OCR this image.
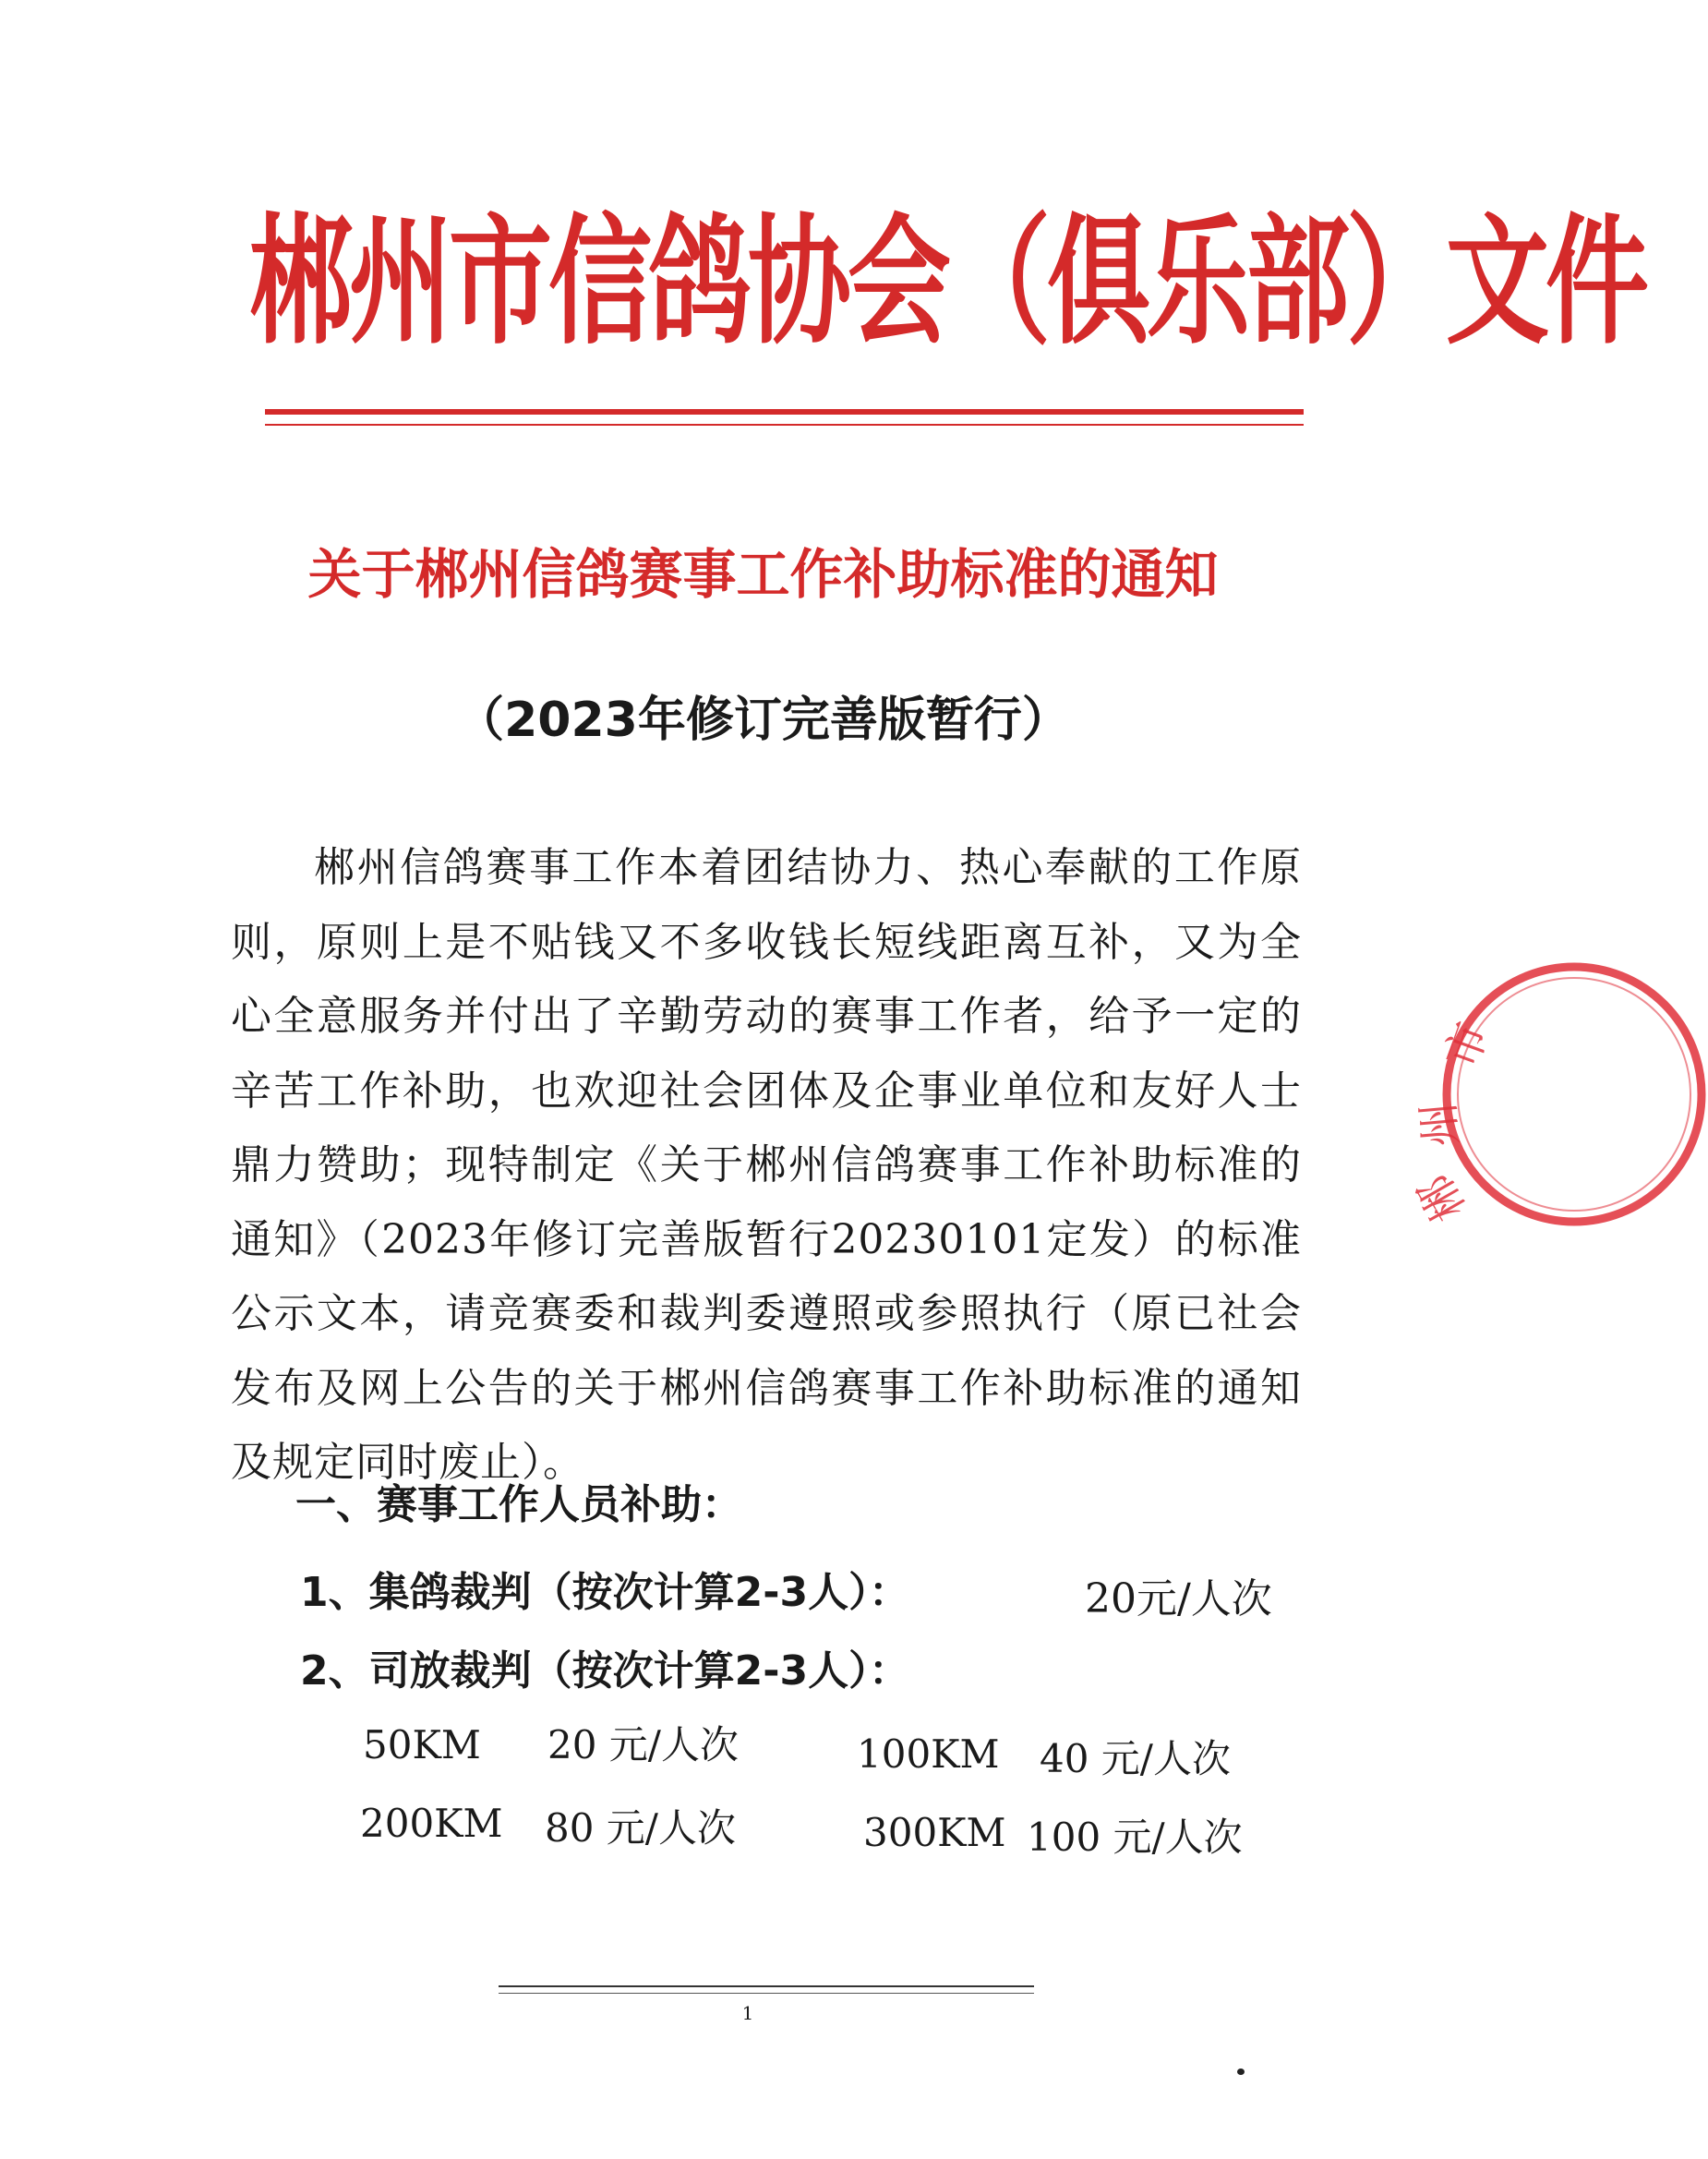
郴州市信鸽协会（俱乐部）文件
关于郴州信鸽赛事工作补助标准的通知
（2023年修订完善版暂行）

郴州信鸽赛事工作本着团结协力、热心奉献的工作原则，原则上是不贴钱又不多收钱长短线距离互补，又为全心全意服务并付出了辛勤劳动的赛事工作者，给予一定的辛苦工作补助，也欢迎社会团体及企事业单位和友好人士鼎力赞助；现特制定《关于郴州信鸽赛事工作补助标准的通知》（2023年修订完善版暂行20230101定发）的标准公示文本，请竞赛委和裁判委遵照或参照执行（原已社会发布及网上公告的关于郴州信鸽赛事工作补助标准的通知及规定同时废止）。

一、赛事工作人员补助：
1、集鸽裁判（按次计算2-3人）：	20元/人次
2、司放裁判（按次计算2-3人）：
50KM 20 元/人次	100KM 40 元/人次
200KM 80 元/人次	300KM 100 元/人次
1
市
州
郴
